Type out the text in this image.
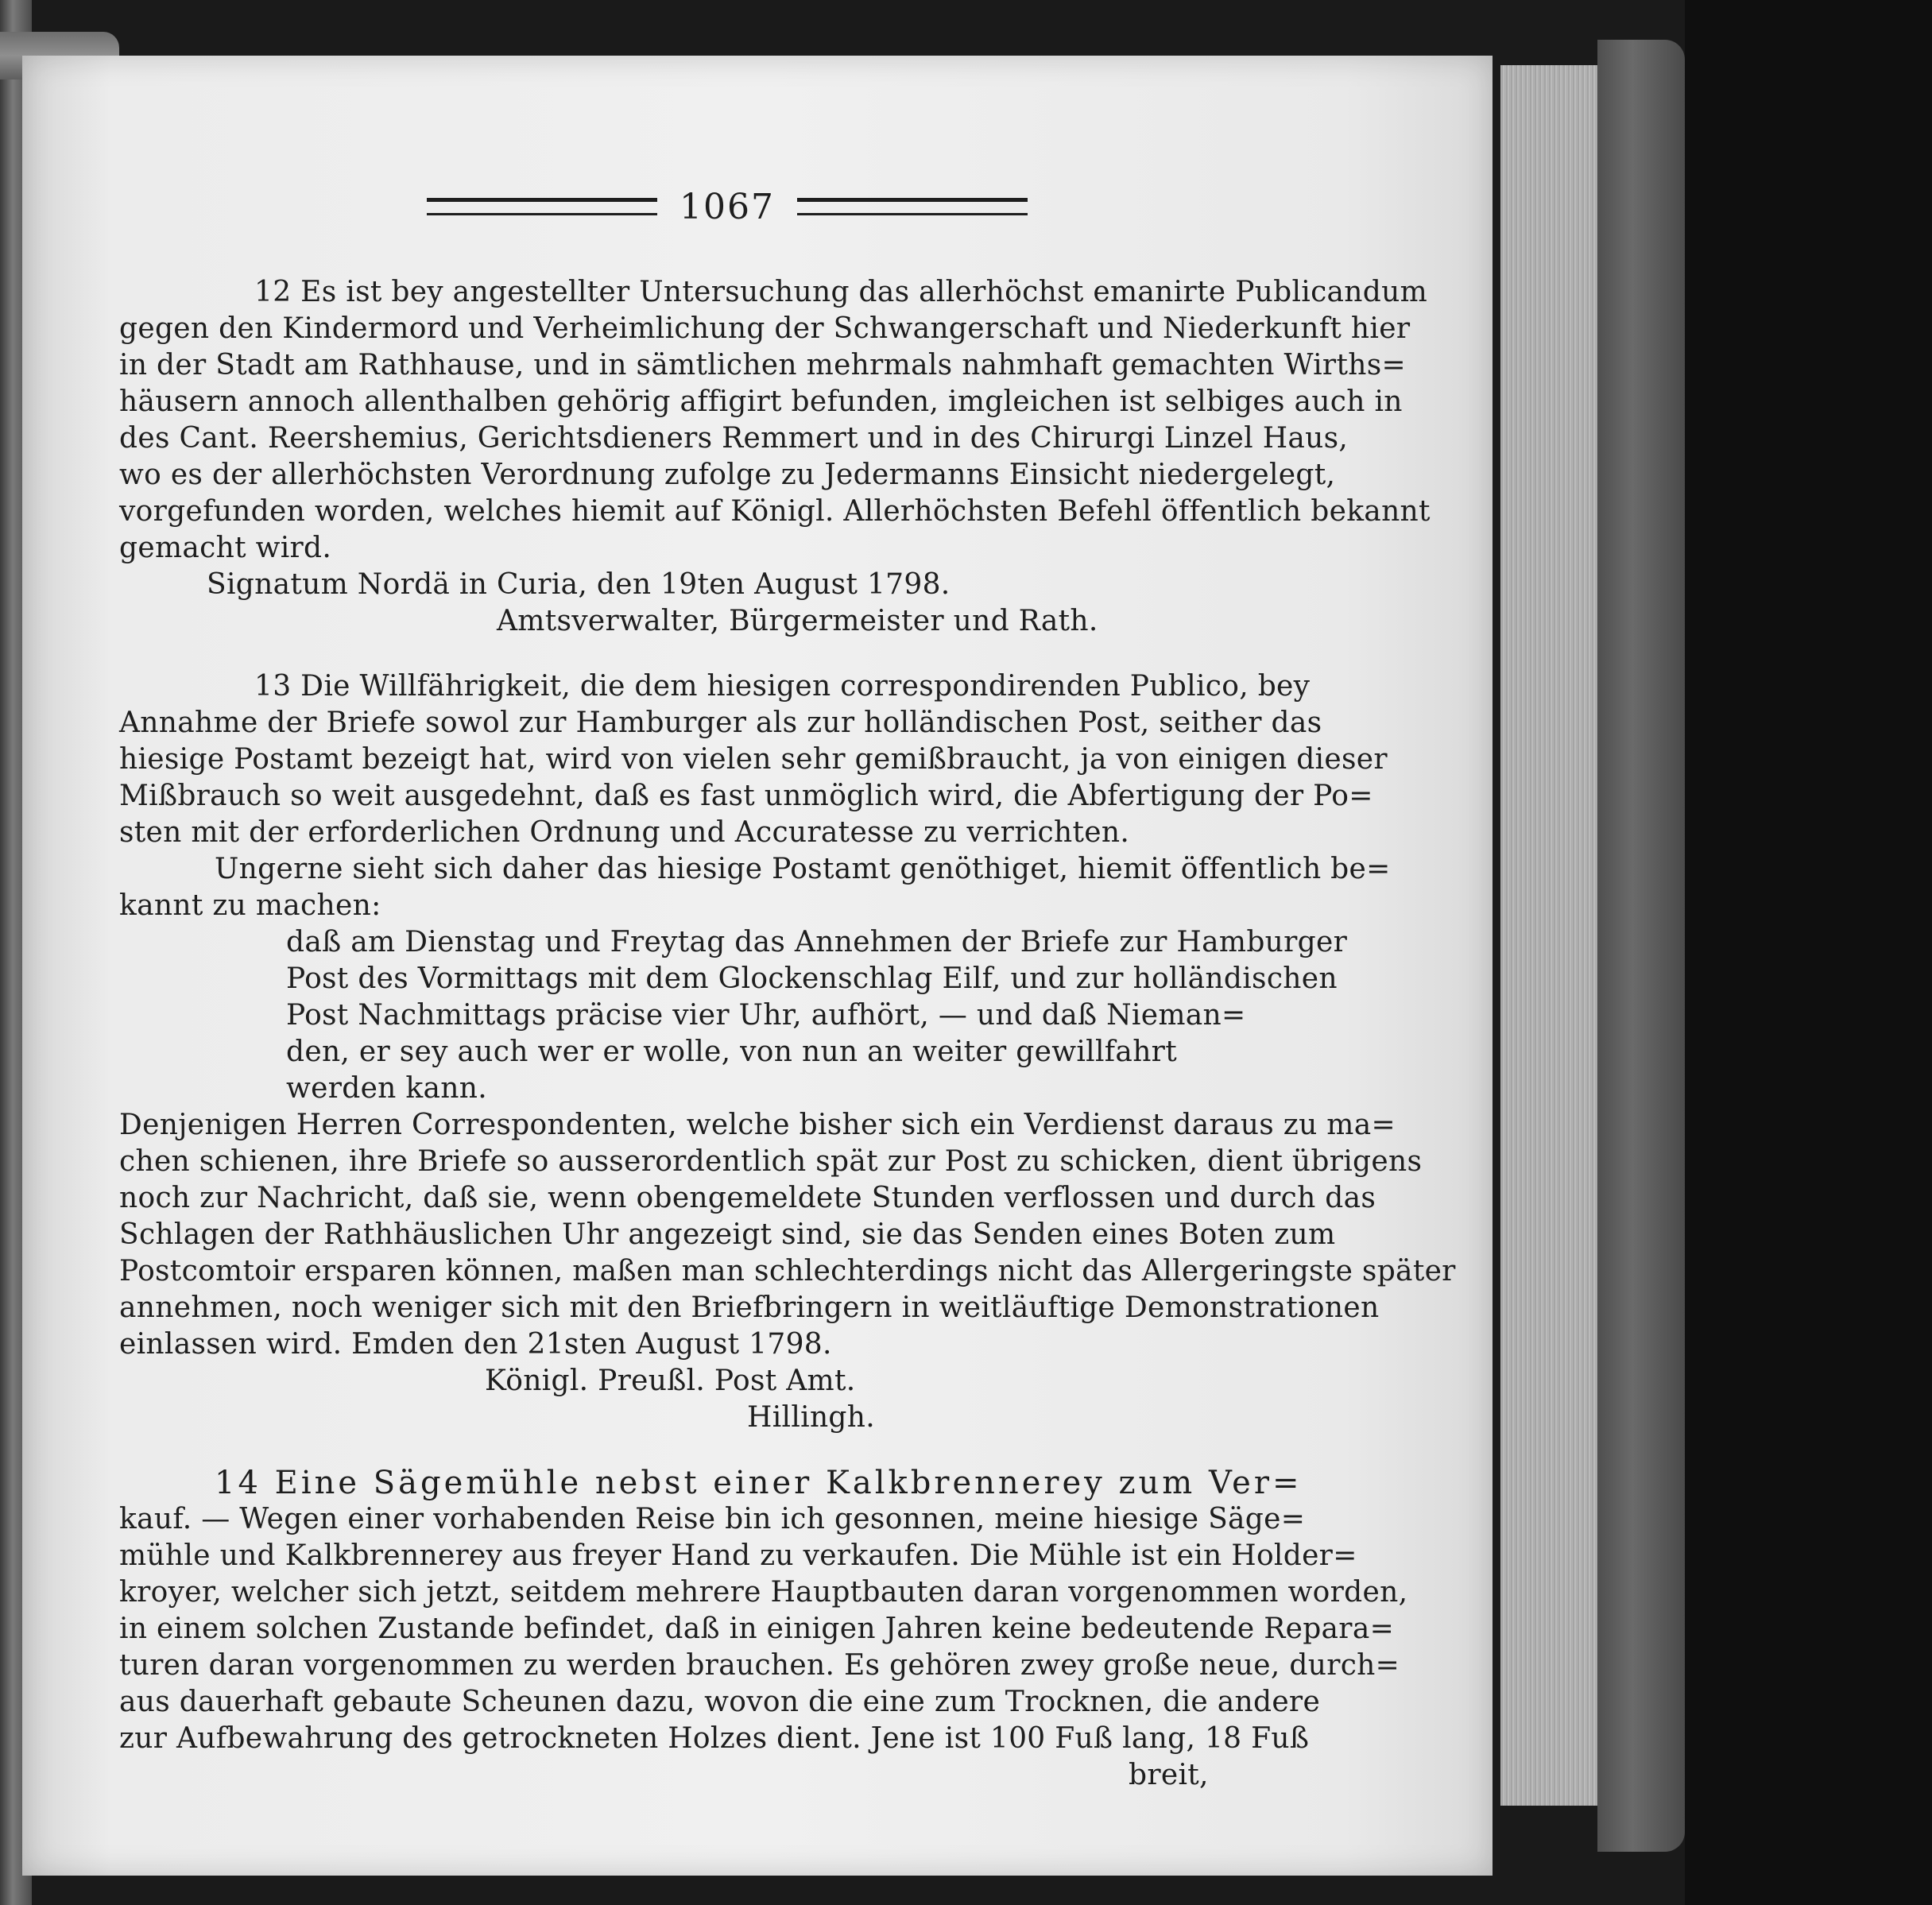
1067
12 Es ist bey angestellter Untersuchung das allerhöchst emanirte Publicandum
gegen den Kindermord und Verheimlichung der Schwangerschaft und Niederkunft hier
in der Stadt am Rathhause, und in sämtlichen mehrmals nahmhaft gemachten Wirths=
häusern annoch allenthalben gehörig affigirt befunden, imgleichen ist selbiges auch in
des Cant. Reershemius, Gerichtsdieners Remmert und in des Chirurgi Linzel Haus,
wo es der allerhöchsten Verordnung zufolge zu Jedermanns Einsicht niedergelegt,
vorgefunden worden, welches hiemit auf Königl. Allerhöchsten Befehl öffentlich bekannt
gemacht wird.
Signatum Nordä in Curia, den 19ten August 1798.
Amtsverwalter, Bürgermeister und Rath.
13 Die Willfährigkeit, die dem hiesigen correspondirenden Publico, bey
Annahme der Briefe sowol zur Hamburger als zur holländischen Post, seither das
hiesige Postamt bezeigt hat, wird von vielen sehr gemißbraucht, ja von einigen dieser
Mißbrauch so weit ausgedehnt, daß es fast unmöglich wird, die Abfertigung der Po=
sten mit der erforderlichen Ordnung und Accuratesse zu verrichten.
Ungerne sieht sich daher das hiesige Postamt genöthiget, hiemit öffentlich be=
kannt zu machen:
daß am Dienstag und Freytag das Annehmen der Briefe zur Hamburger
Post des Vormittags mit dem Glockenschlag Eilf, und zur holländischen
Post Nachmittags präcise vier Uhr, aufhört, — und daß Nieman=
den, er sey auch wer er wolle, von nun an weiter gewillfahrt
werden kann.
Denjenigen Herren Correspondenten, welche bisher sich ein Verdienst daraus zu ma=
chen schienen, ihre Briefe so ausserordentlich spät zur Post zu schicken, dient übrigens
noch zur Nachricht, daß sie, wenn obengemeldete Stunden verflossen und durch das
Schlagen der Rathhäuslichen Uhr angezeigt sind, sie das Senden eines Boten zum
Postcomtoir ersparen können, maßen man schlechterdings nicht das Allergeringste später
annehmen, noch weniger sich mit den Briefbringern in weitläuftige Demonstrationen
einlassen wird. Emden den 21sten August 1798.
Königl. Preußl. Post Amt.
Hillingh.
14 Eine Sägemühle nebst einer Kalkbrennerey zum Ver=
kauf. — Wegen einer vorhabenden Reise bin ich gesonnen, meine hiesige Säge=
mühle und Kalkbrennerey aus freyer Hand zu verkaufen. Die Mühle ist ein Holder=
kroyer, welcher sich jetzt, seitdem mehrere Hauptbauten daran vorgenommen worden,
in einem solchen Zustande befindet, daß in einigen Jahren keine bedeutende Repara=
turen daran vorgenommen zu werden brauchen. Es gehören zwey große neue, durch=
aus dauerhaft gebaute Scheunen dazu, wovon die eine zum Trocknen, die andere
zur Aufbewahrung des getrockneten Holzes dient. Jene ist 100 Fuß lang, 18 Fuß
breit,
